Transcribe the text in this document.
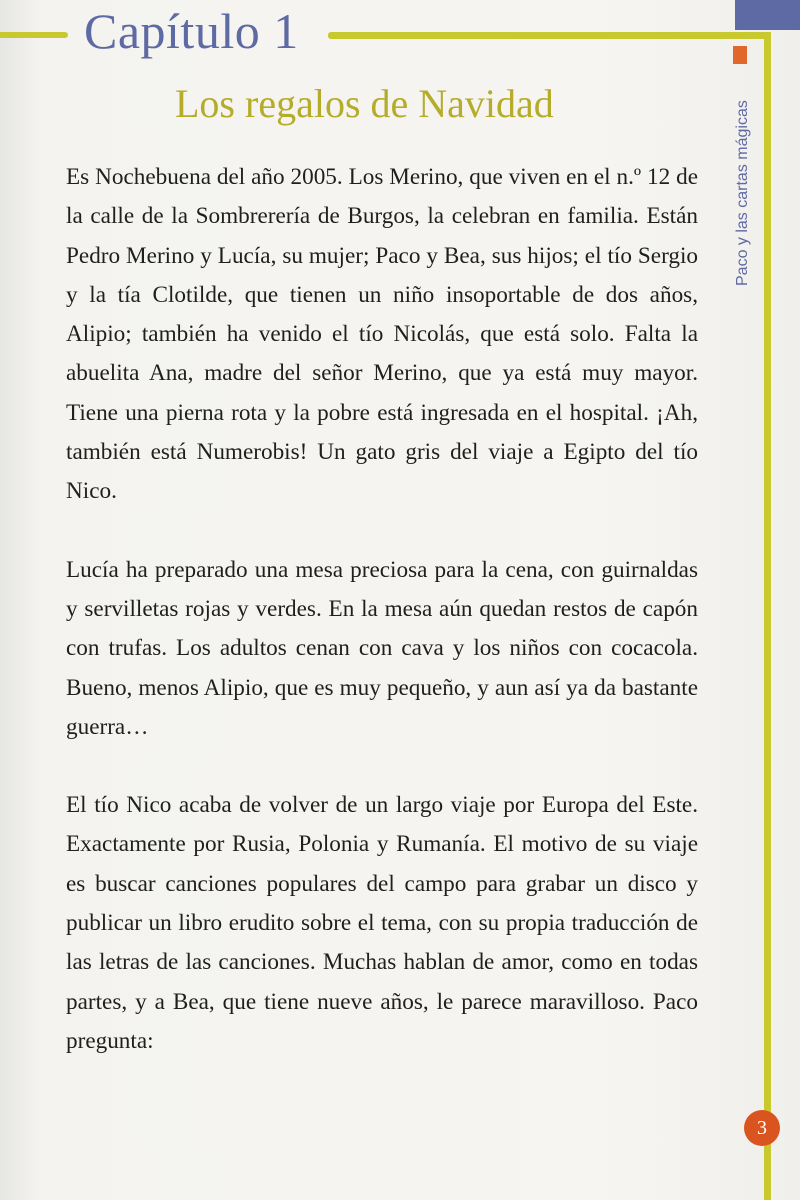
Capítulo 1
Paco y las cartas mágicas
Los regalos de Navidad

Es Nochebuena del año 2005. Los Merino, que viven en el n.º 12 de la calle de la Sombrerería de Burgos, la celebran en familia. Están Pedro Merino y Lucía, su mujer; Paco y Bea, sus hijos; el tío Sergio y la tía Clotilde, que tienen un niño insoportable de dos años, Alipio; también ha venido el tío Nicolás, que está solo. Falta la abuelita Ana, madre del señor Merino, que ya está muy mayor. Tiene una pierna rota y la pobre está ingresada en el hospital. ¡Ah, también está Numerobis! Un gato gris del viaje a Egipto del tío Nico.

Lucía ha preparado una mesa preciosa para la cena, con guirnaldas y servilletas rojas y verdes. En la mesa aún quedan restos de capón con trufas. Los adultos cenan con cava y los niños con cocacola. Bueno, menos Alipio, que es muy pequeño, y aun así ya da bastante guerra…

El tío Nico acaba de volver de un largo viaje por Europa del Este. Exactamente por Rusia, Polonia y Rumanía. El motivo de su viaje es buscar canciones populares del campo para grabar un disco y publicar un libro erudito sobre el tema, con su propia traducción de las letras de las canciones. Muchas hablan de amor, como en todas partes, y a Bea, que tiene nueve años, le parece maravilloso. Paco pregunta:

3
